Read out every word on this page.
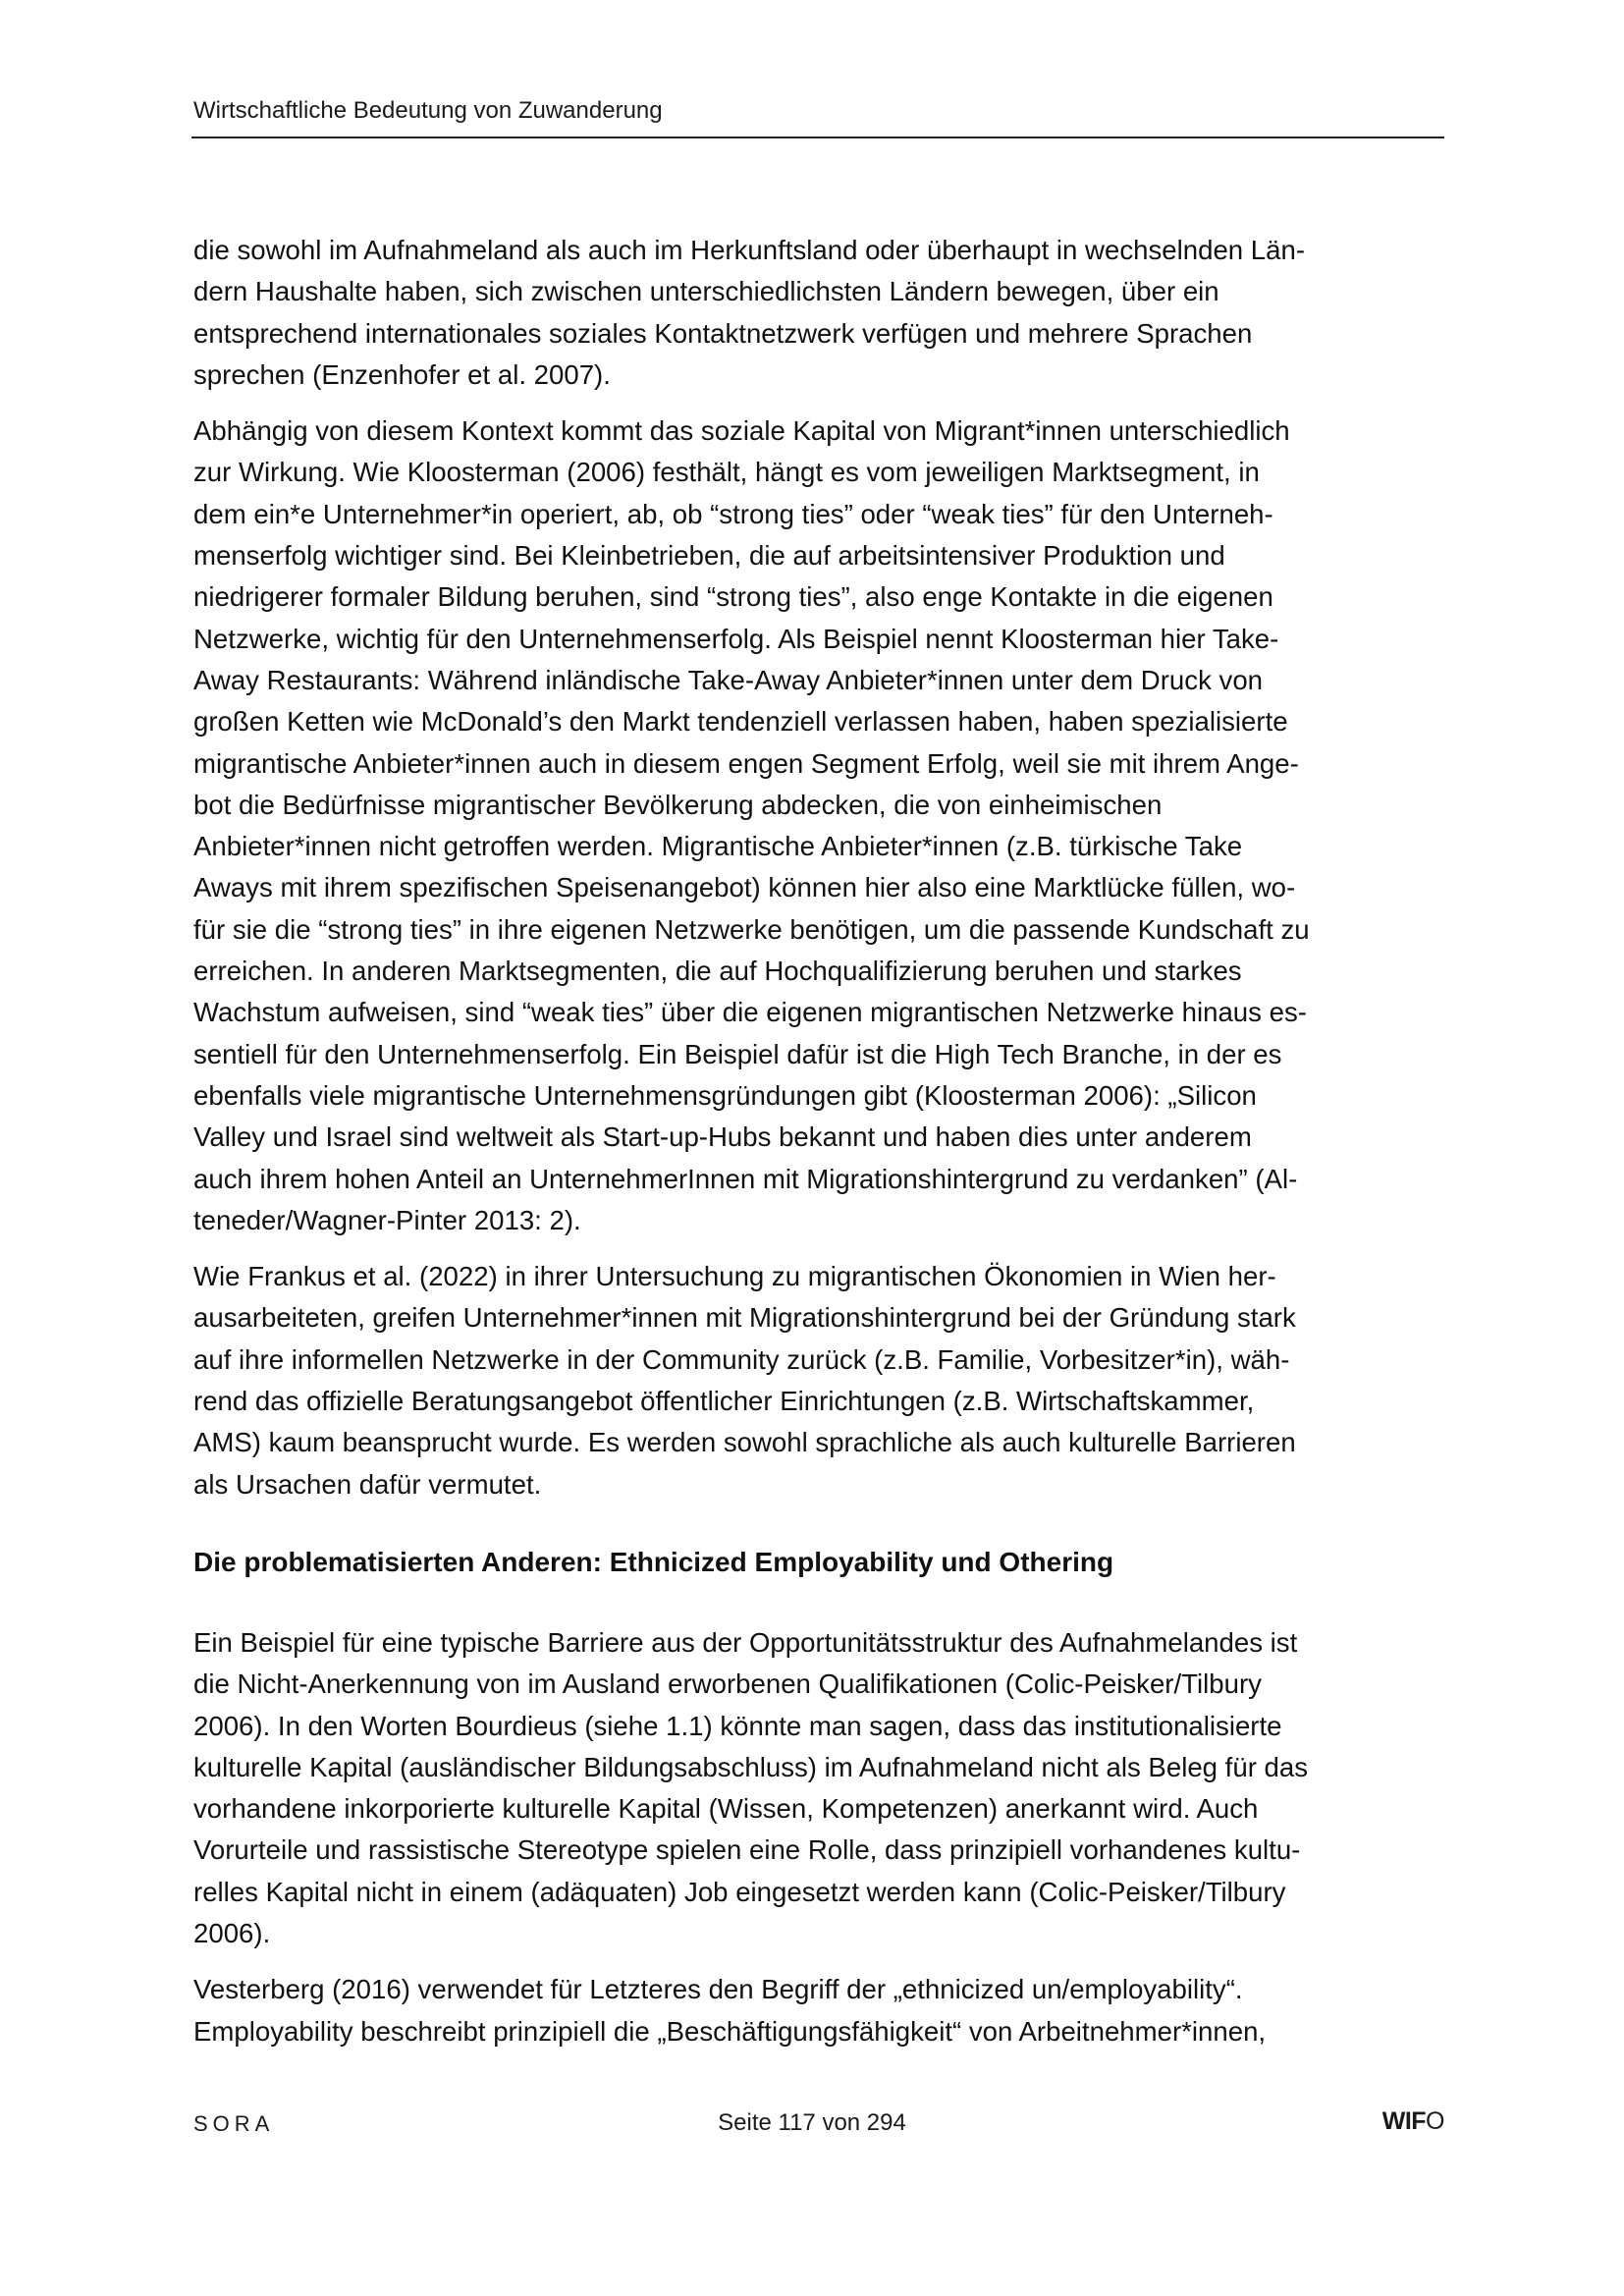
Wirtschaftliche Bedeutung von Zuwanderung

die sowohl im Aufnahmeland als auch im Herkunftsland oder überhaupt in wechselnden Län-
dern Haushalte haben, sich zwischen unterschiedlichsten Ländern bewegen, über ein
entsprechend internationales soziales Kontaktnetzwerk verfügen und mehrere Sprachen
sprechen (Enzenhofer et al. 2007).

Abhängig von diesem Kontext kommt das soziale Kapital von Migrant*innen unterschiedlich
zur Wirkung. Wie Kloosterman (2006) festhält, hängt es vom jeweiligen Marktsegment, in
dem ein*e Unternehmer*in operiert, ab, ob “strong ties” oder “weak ties” für den Unterneh-
menserfolg wichtiger sind. Bei Kleinbetrieben, die auf arbeitsintensiver Produktion und
niedrigerer formaler Bildung beruhen, sind “strong ties”, also enge Kontakte in die eigenen
Netzwerke, wichtig für den Unternehmenserfolg. Als Beispiel nennt Kloosterman hier Take-
Away Restaurants: Während inländische Take-Away Anbieter*innen unter dem Druck von
großen Ketten wie McDonald’s den Markt tendenziell verlassen haben, haben spezialisierte
migrantische Anbieter*innen auch in diesem engen Segment Erfolg, weil sie mit ihrem Ange-
bot die Bedürfnisse migrantischer Bevölkerung abdecken, die von einheimischen
Anbieter*innen nicht getroffen werden. Migrantische Anbieter*innen (z.B. türkische Take
Aways mit ihrem spezifischen Speisenangebot) können hier also eine Marktlücke füllen, wo-
für sie die “strong ties” in ihre eigenen Netzwerke benötigen, um die passende Kundschaft zu
erreichen. In anderen Marktsegmenten, die auf Hochqualifizierung beruhen und starkes
Wachstum aufweisen, sind “weak ties” über die eigenen migrantischen Netzwerke hinaus es-
sentiell für den Unternehmenserfolg. Ein Beispiel dafür ist die High Tech Branche, in der es
ebenfalls viele migrantische Unternehmensgründungen gibt (Kloosterman 2006): „Silicon
Valley und Israel sind weltweit als Start-up-Hubs bekannt und haben dies unter anderem
auch ihrem hohen Anteil an UnternehmerInnen mit Migrationshintergrund zu verdanken” (Al-
teneder/Wagner-Pinter 2013: 2).

Wie Frankus et al. (2022) in ihrer Untersuchung zu migrantischen Ökonomien in Wien her-
ausarbeiteten, greifen Unternehmer*innen mit Migrationshintergrund bei der Gründung stark
auf ihre informellen Netzwerke in der Community zurück (z.B. Familie, Vorbesitzer*in), wäh-
rend das offizielle Beratungsangebot öffentlicher Einrichtungen (z.B. Wirtschaftskammer,
AMS) kaum beansprucht wurde. Es werden sowohl sprachliche als auch kulturelle Barrieren
als Ursachen dafür vermutet.

Die problematisierten Anderen: Ethnicized Employability und Othering

Ein Beispiel für eine typische Barriere aus der Opportunitätsstruktur des Aufnahmelandes ist
die Nicht-Anerkennung von im Ausland erworbenen Qualifikationen (Colic-Peisker/Tilbury
2006). In den Worten Bourdieus (siehe 1.1) könnte man sagen, dass das institutionalisierte
kulturelle Kapital (ausländischer Bildungsabschluss) im Aufnahmeland nicht als Beleg für das
vorhandene inkorporierte kulturelle Kapital (Wissen, Kompetenzen) anerkannt wird. Auch
Vorurteile und rassistische Stereotype spielen eine Rolle, dass prinzipiell vorhandenes kultu-
relles Kapital nicht in einem (adäquaten) Job eingesetzt werden kann (Colic-Peisker/Tilbury
2006).

Vesterberg (2016) verwendet für Letzteres den Begriff der „ethnicized un/employability“.
Employability beschreibt prinzipiell die „Beschäftigungsfähigkeit“ von Arbeitnehmer*innen,

SORA	Seite 117 von 294	WIFO
